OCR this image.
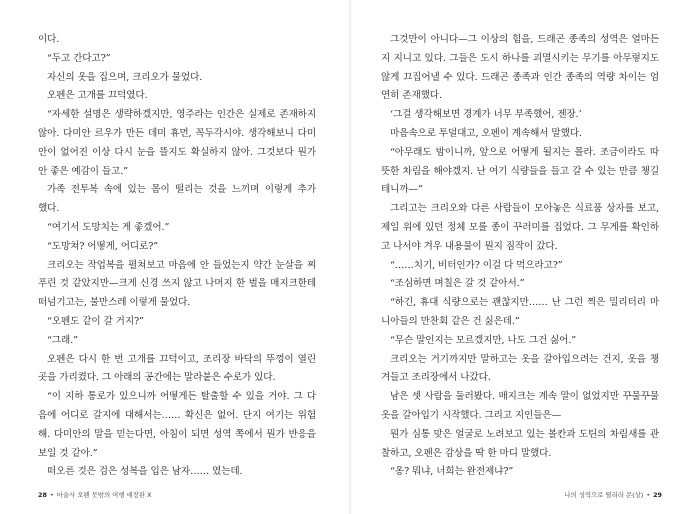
이다.
“두고 간다고?”
자신의 옷을 집으며, 크리오가 물었다.
오펜은 고개를 끄덕였다.
“자세한 설명은 생략하겠지만, 영주라는 인간은 실제로 존재하지
않아. 다미안 르우가 만든 데미 휴먼, 꼭두각시야. 생각해보니 다미
안이 없어진 이상 다시 눈을 뜰지도 확실하지 않아. 그것보다 뭔가
안 좋은 예감이 들고.”
가족 전투복 속에 있는 몸이 떨리는 것을 느끼며 이렇게 추가
했다.
“여기서 도망치는 게 좋겠어.”
“도망쳐? 어떻게, 어디로?”
크리오는 작업복을 펼쳐보고 마음에 안 들었는지 약간 눈살을 찌
푸린 것 같았지만—크게 신경 쓰지 않고 나머지 한 벌을 매지크한테
떠넘기고는, 불만스레 이렇게 물었다.
“오펜도 같이 갈 거지?”
“그래.”
오펜은 다시 한 번 고개를 끄덕이고, 조리장 바닥의 뚜껑이 열린
곳을 가리켰다. 그 아래의 공간에는 말라붙은 수로가 있다.
“이 지하 통로가 있으니까 어떻게든 탈출할 수 있을 거야. 그 다
음에 어디로 갈지에 대해서는…… 확신은 없어. 단지 여기는 위험
해. 다미안의 말을 믿는다면, 아침이 되면 성역 쪽에서 뭔가 반응을
보일 것 같아.”
떠오른 것은 검은 성복을 입은 남자…… 였는데.
그것만이 아니다—그 이상의 힘을, 드래곤 종족의 성역은 얼마든
지 지니고 있다. 그들은 도시 하나를 괴멸시키는 무기를 아무렇지도
않게 끄집어낼 수 있다. 드래곤 종족과 인간 종족의 역량 차이는 엄
연히 존재했다.
‘그걸 생각해보면 경계가 너무 부족했어, 젠장.’
마음속으로 투덜대고, 오펜이 계속해서 말했다.
“아무래도 밤이니까, 앞으로 어떻게 될지는 몰라. 조금이라도 따
뜻한 차림을 해야겠지. 난 여기 식량들을 들고 갈 수 있는 만큼 챙길
테니까—”
그리고는 크리오와 다른 사람들이 모아놓은 식료품 상자를 보고,
제일 위에 있던 정체 모를 종이 꾸러미를 집었다. 그 무게를 확인하
고 나서야 겨우 내용물이 뭔지 짐작이 갔다.
“……치기, 비터인가? 이걸 다 먹으라고?”
“조심하면 며칠은 갈 것 같아서.”
“하긴, 휴대 식량으로는 괜찮지만…… 난 그런 찍은 밀리터리 마
니아들의 만찬회 같은 건 싫은데.”
“무슨 말인지는 모르겠지만, 나도 그건 싫어.”
크리오는 거기까지만 말하고는 옷을 갈아입으려는 건지, 옷을 챙
겨들고 조리장에서 나갔다.
남은 셋 사람을 둘러봤다. 매지크는 계속 말이 없었지만 꾸물꾸물
옷을 갈아입기 시작했다. 그리고 지인들은—
뭔가 심통 맞은 얼굴로 노려보고 있는 볼칸과 도틴의 차림새를 관
찰하고, 오펜은 감상을 딱 한 마디 말했다.
“옹? 뭐냐, 너희는 완전제냐?”
28 • 마술사 오펜 뭇밖의 여행 애장판 X	나의 성역으로 떨리라 몬(상) • 29
